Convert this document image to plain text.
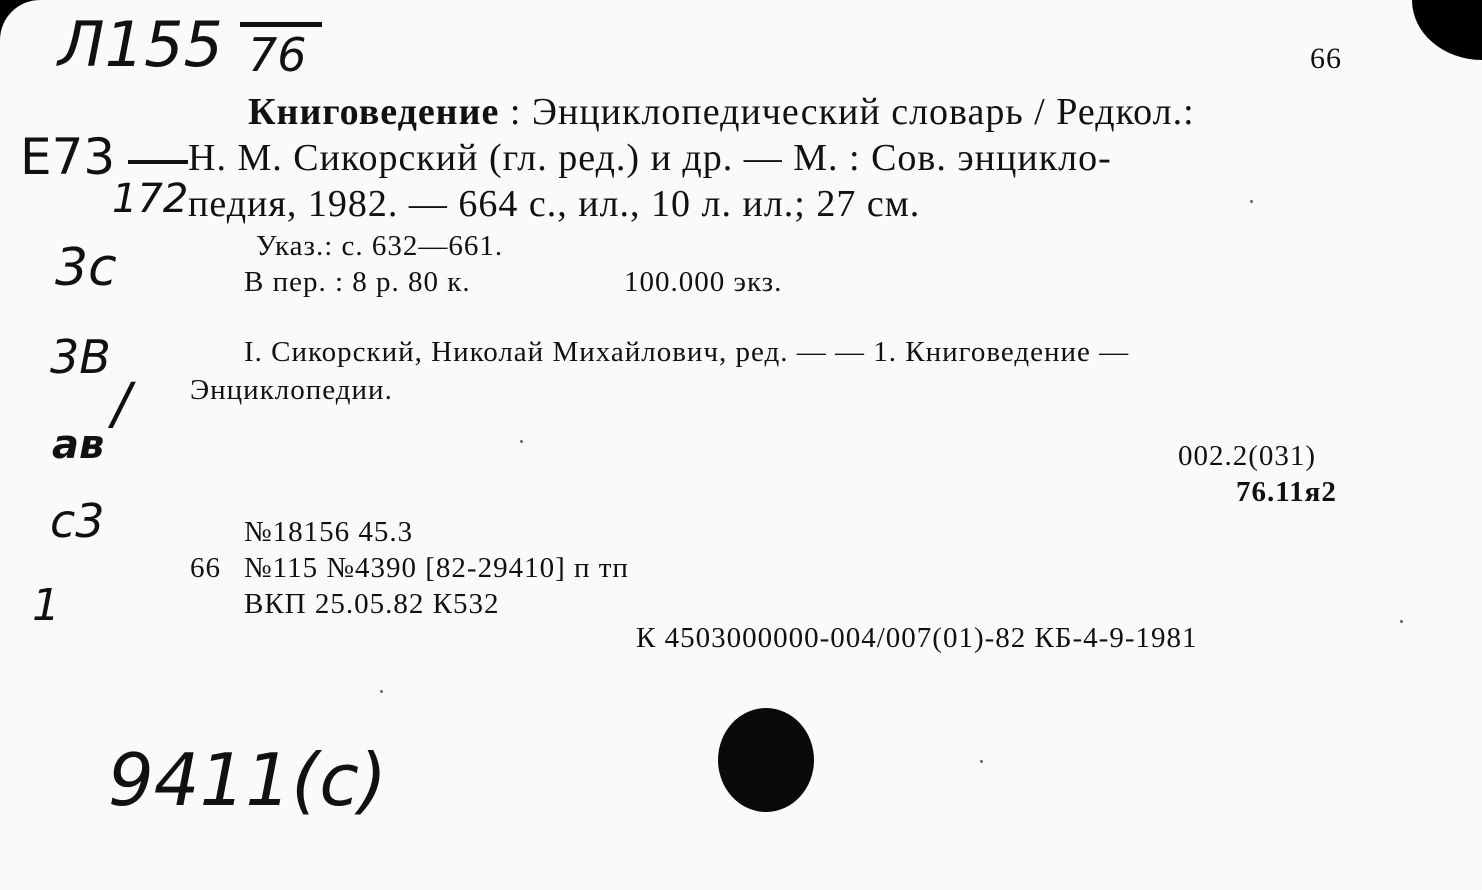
Л155 76
Е73
172
3с
3В
/
ав
с3
1
9411(с)

66

Книговедение : Энциклопедический словарь / Редкол.:

Н. М. Сикорский (гл. ред.) и др. — М. : Сов. энцикло-

педия, 1982. — 664 с., ил., 10 л. ил.; 27 см.

Указ.: с. 632—661.

В пер. : 8 р. 80 к.	100.000 экз.

I. Сикорский, Николай Михайлович, ред. — — 1. Книговедение —

Энциклопедии.

002.2(031)

76.11я2

№18156 45.3

66 №115 №4390 [82-29410] п тп

ВКП 25.05.82 К532

К 4503000000-004/007(01)-82 КБ-4-9-1981
